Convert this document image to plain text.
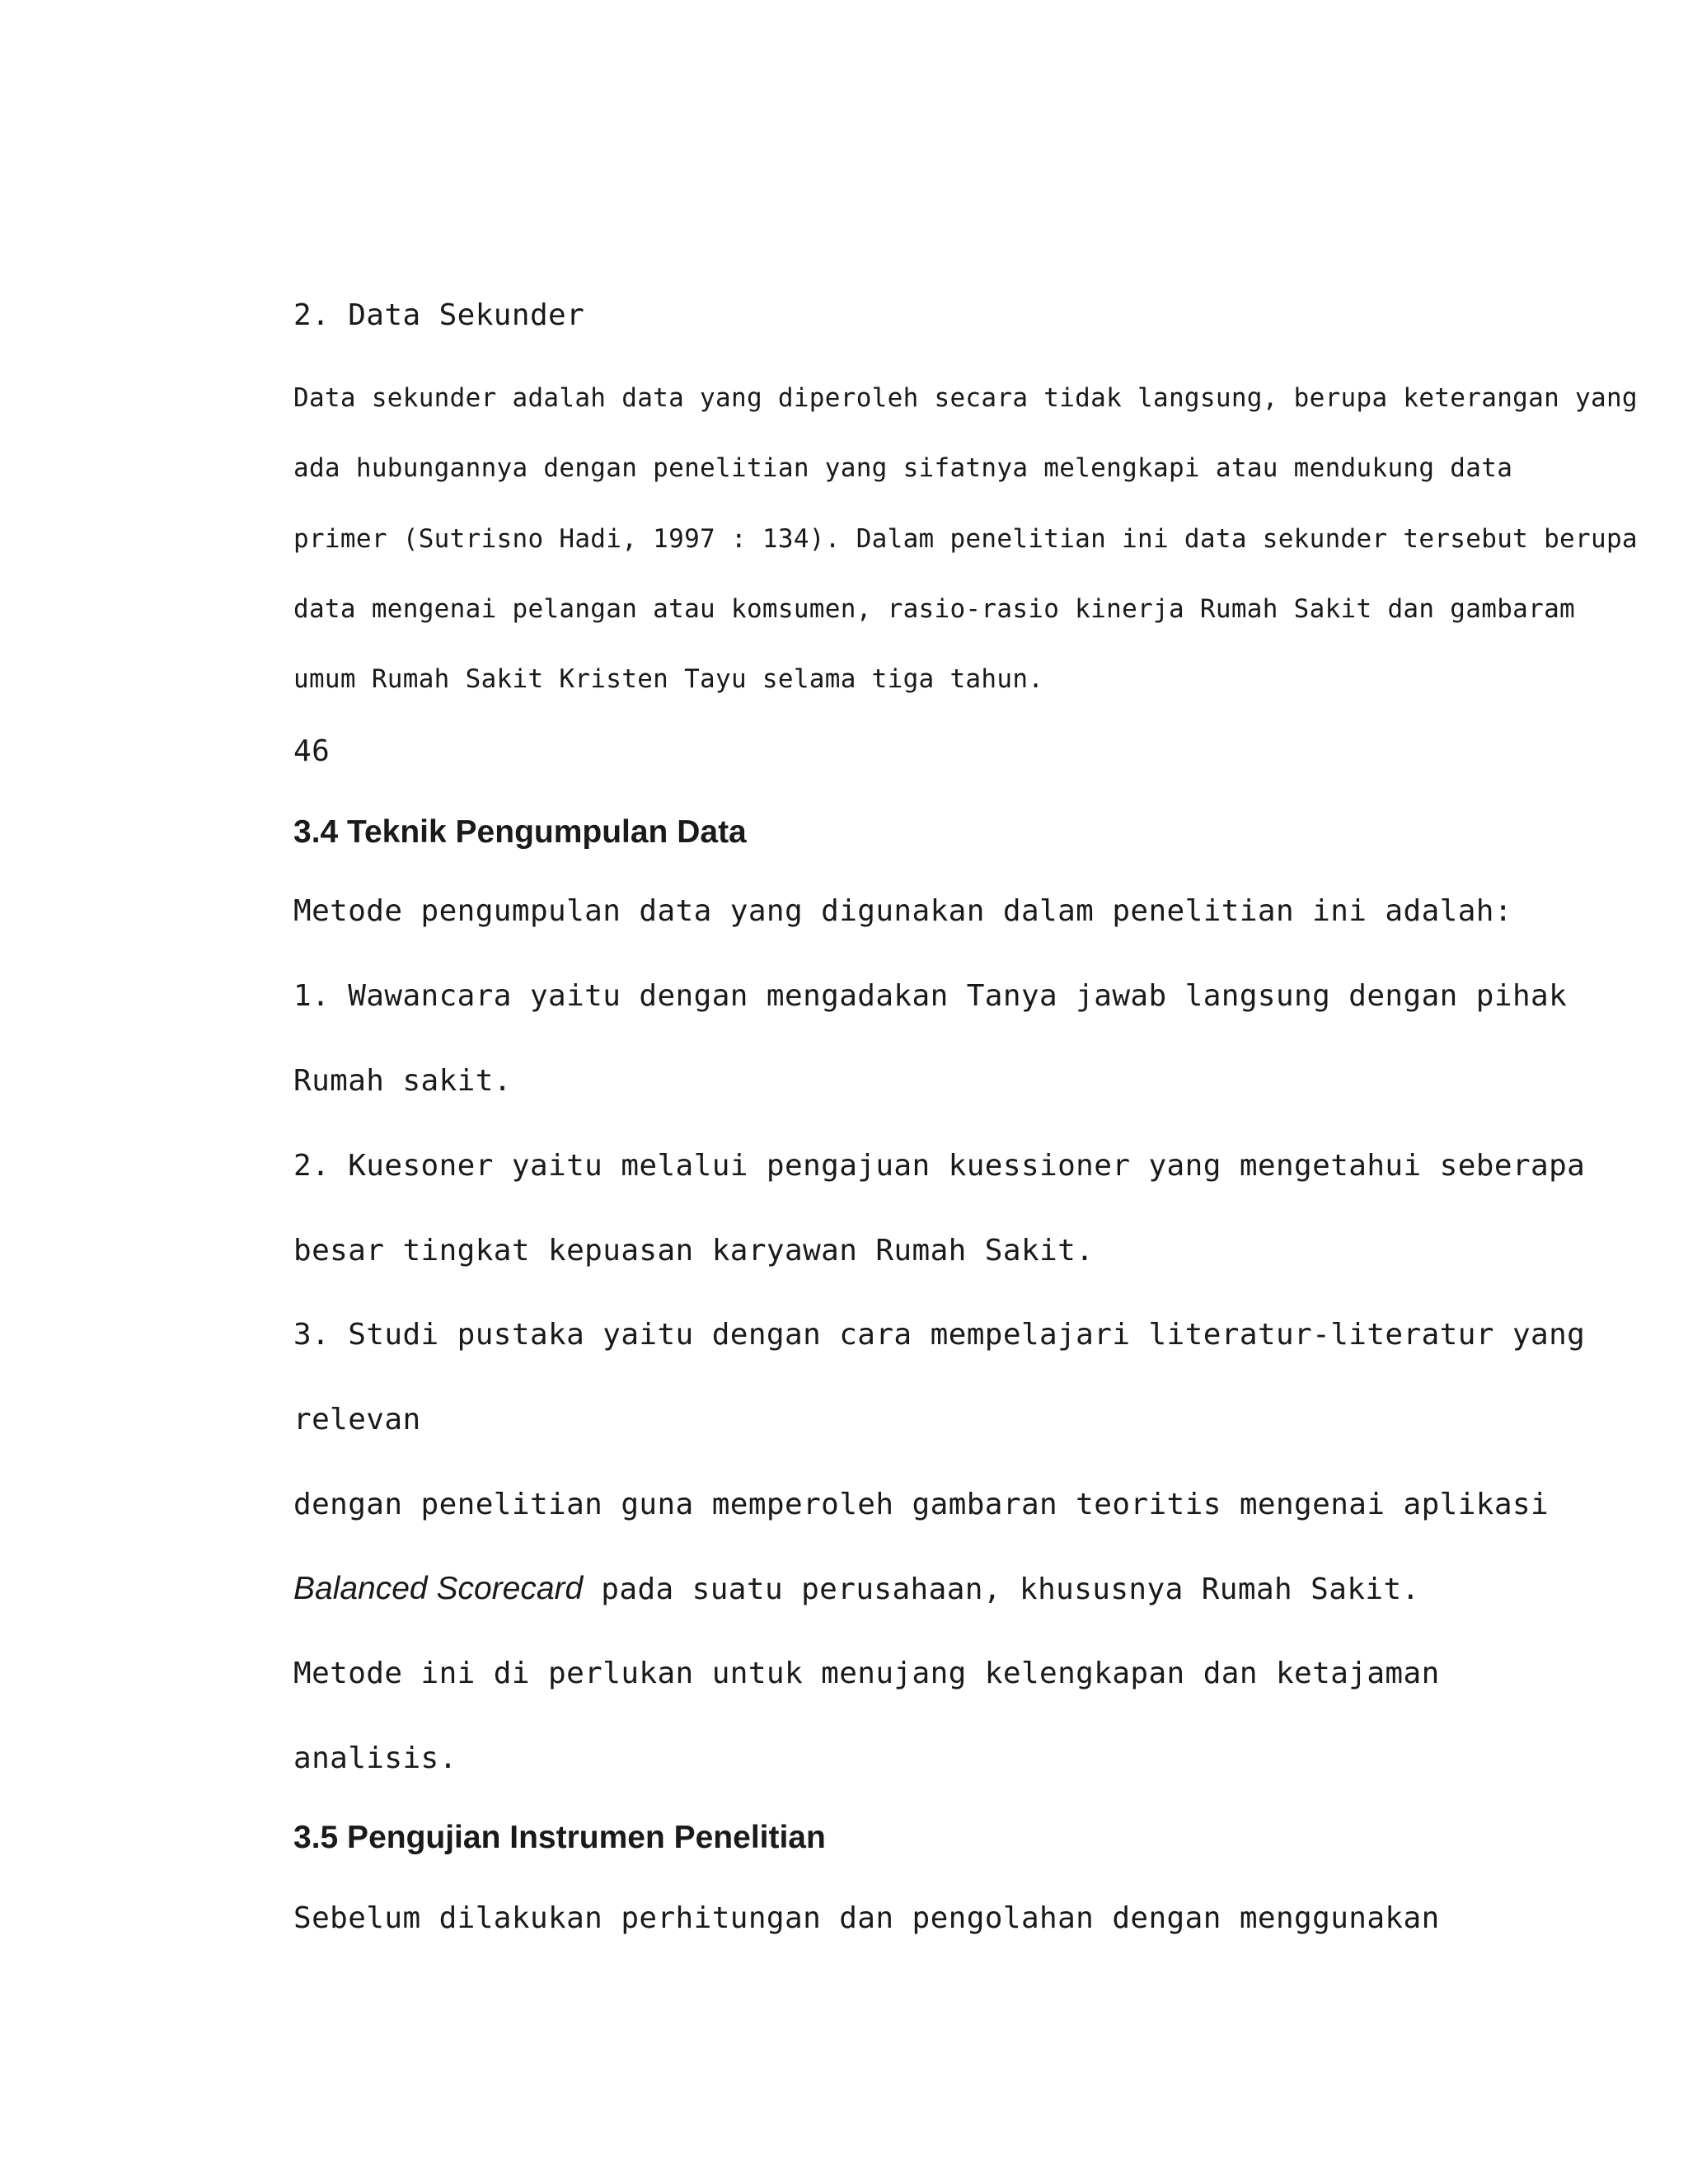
2. Data Sekunder
Data sekunder adalah data yang diperoleh secara tidak langsung, berupa keterangan yang
ada hubungannya dengan penelitian yang sifatnya melengkapi atau mendukung data
primer (Sutrisno Hadi, 1997 : 134). Dalam penelitian ini data sekunder tersebut berupa
data mengenai pelangan atau komsumen, rasio-rasio kinerja Rumah Sakit dan gambaram
umum Rumah Sakit Kristen Tayu selama tiga tahun.
46
3.4 Teknik Pengumpulan Data
Metode pengumpulan data yang digunakan dalam penelitian ini adalah:
1. Wawancara yaitu dengan mengadakan Tanya jawab langsung dengan pihak
Rumah sakit.
2. Kuesoner yaitu melalui pengajuan kuessioner yang mengetahui seberapa
besar tingkat kepuasan karyawan Rumah Sakit.
3. Studi pustaka yaitu dengan cara mempelajari literatur-literatur yang
relevan
dengan penelitian guna memperoleh gambaran teoritis mengenai aplikasi
Balanced Scorecard pada suatu perusahaan, khususnya Rumah Sakit.
Metode ini di perlukan untuk menujang kelengkapan dan ketajaman
analisis.
3.5 Pengujian Instrumen Penelitian
Sebelum dilakukan perhitungan dan pengolahan dengan menggunakan
